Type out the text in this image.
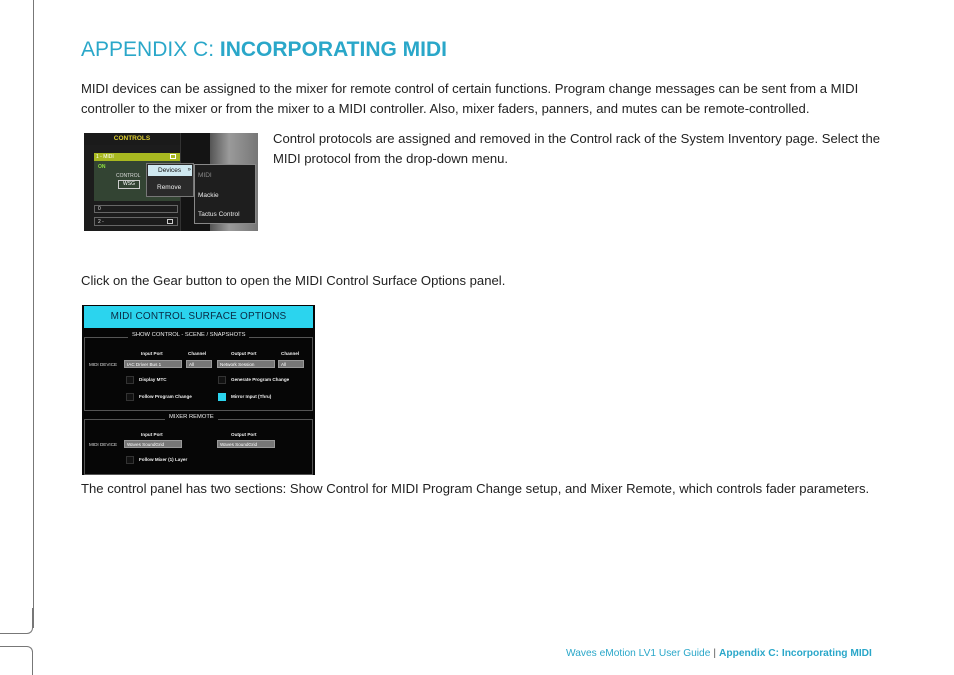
APPENDIX C: INCORPORATING MIDI
MIDI devices can be assigned to the mixer for remote control of certain functions. Program change messages can be sent from a MIDI controller to the mixer or from the mixer to a MIDI controller. Also, mixer faders, panners, and mutes can be remote-controlled.
CONTROLS
1 - MIDI
ON
CONTROL
WSG
0
2 -
Devices »
Remove
MIDI
Mackie
Tactus Control
Control protocols are assigned and removed in the Control rack of the System Inventory page. Select the MIDI protocol from the drop-down menu.
Click on the Gear button to open the MIDI Control Surface Options panel.
MIDI CONTROL SURFACE OPTIONS
SHOW CONTROL - SCENE / SNAPSHOTS
Input Port	Channel	Output Port	Channel
MIDI DEVICE	IAC Driver Bus 1	All	Network Session	All
Display MTC	Generate Program Change
Follow Program Change	Mirror Input (Thru)
MIXER REMOTE
Input Port	Output Port
MIDI DEVICE	Waves SoundGrid	Waves SoundGrid
Follow Mixer (1) Layer
The control panel has two sections: Show Control for MIDI Program Change setup, and Mixer Remote, which controls fader parameters.
Waves eMotion LV1 User Guide | Appendix C: Incorporating MIDI
